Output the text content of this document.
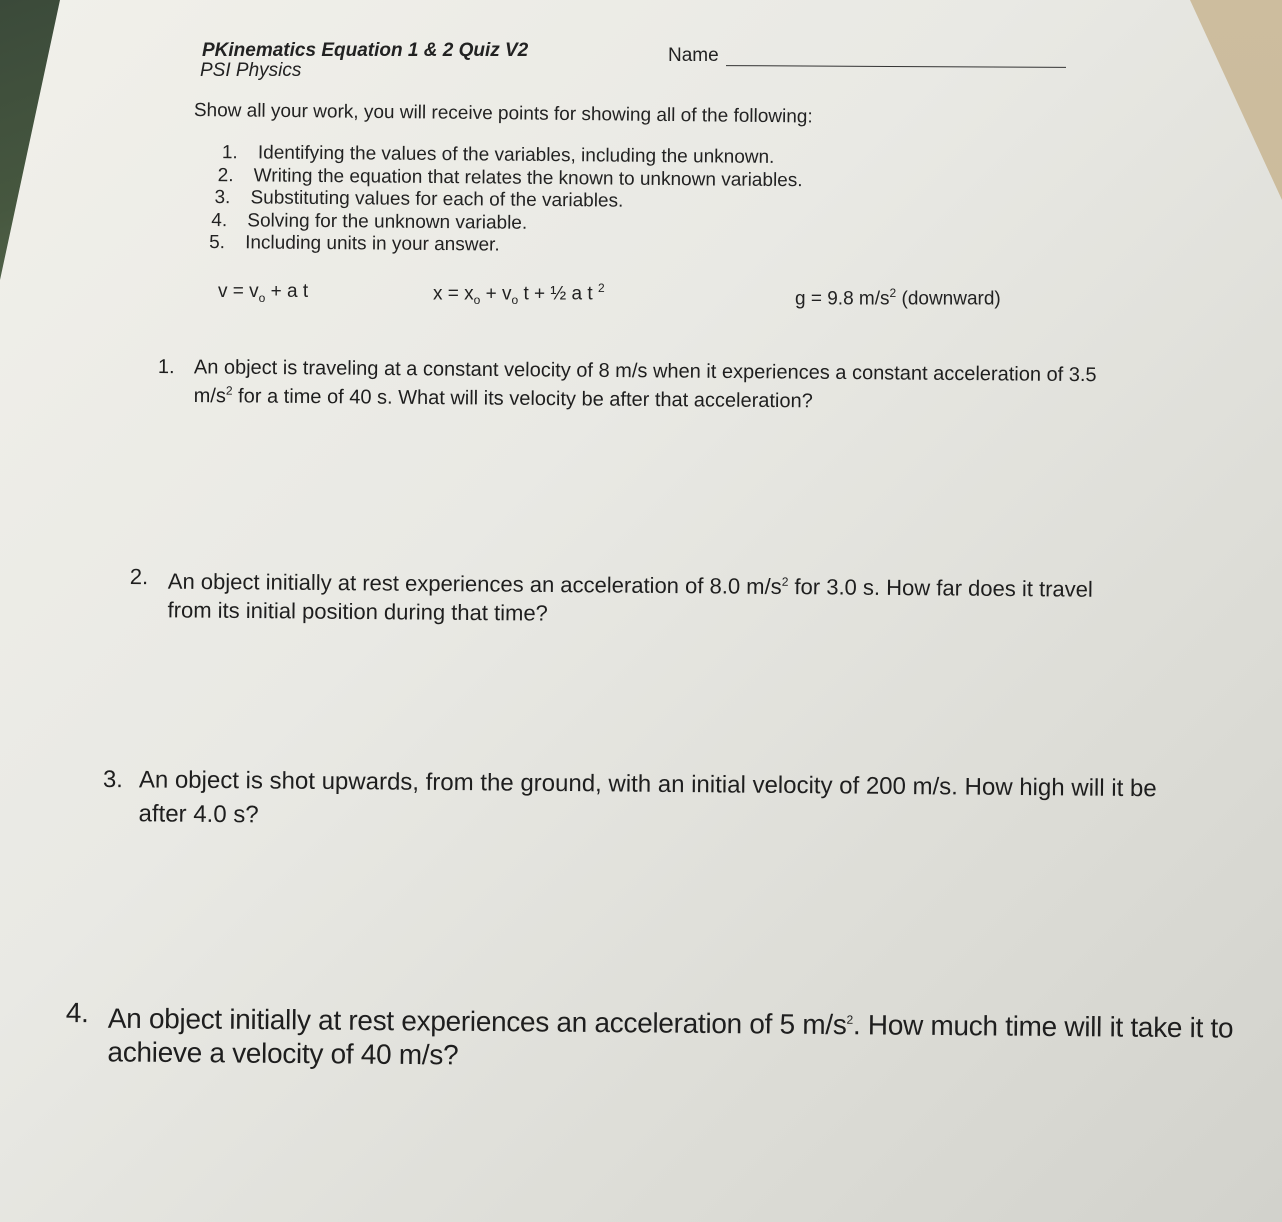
PKinematics Equation 1 & 2 Quiz V2
PSI Physics
Name
Show all your work, you will receive points for showing all of the following:
1. Identifying the values of the variables, including the unknown.
2. Writing the equation that relates the known to unknown variables.
3. Substituting values for each of the variables.
4. Solving for the unknown variable.
5. Including units in your answer.
$v = v_o + a$ t	$x = x_o + v_o$ t + ½ a t $^2$
g = 9.8 $m/s^2$ (downward)
1. An object is traveling at a constant velocity of 8 m/s when it experiences a constant acceleration of 3.5 $m/s^2$ for a time of 40 s. What will its velocity be after that acceleration?
2. An object initially at rest experiences an acceleration of 8.0 $m/s^2$ for 3.0 s. How far does it travel from its initial position during that time?
3. An object is shot upwards, from the ground, with an initial velocity of 200 m/s. How high will it be after 4.0 s?
4. An object initially at rest experiences an acceleration of 5 $m/s^2$. How much time will it take it to achieve a velocity of 40 m/s?
